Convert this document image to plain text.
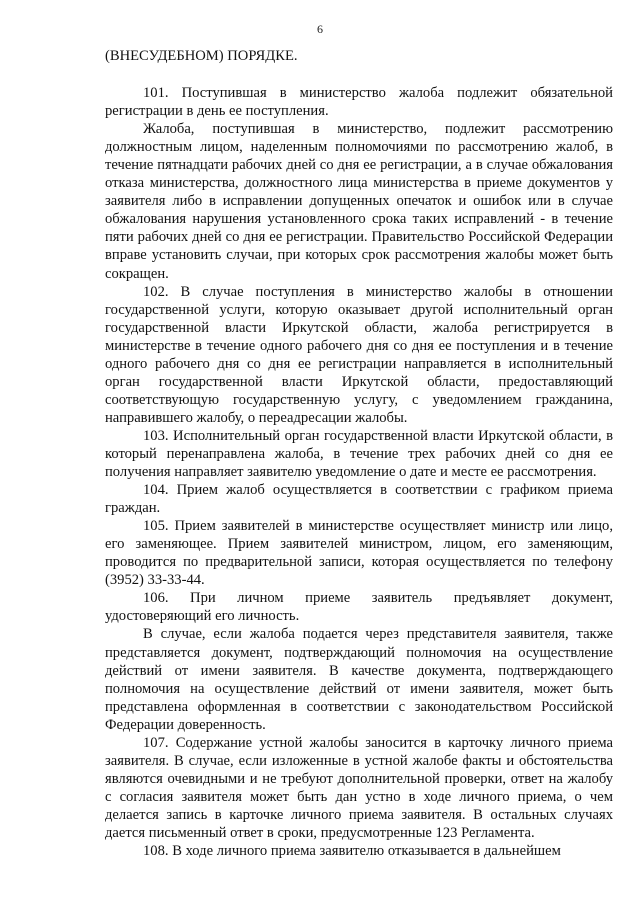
6

(ВНЕСУДЕБНОМ) ПОРЯДКЕ.

101. Поступившая в министерство жалоба подлежит обязательной регистрации в день ее поступления.

Жалоба, поступившая в министерство, подлежит рассмотрению должностным лицом, наделенным полномочиями по рассмотрению жалоб, в течение пятнадцати рабочих дней со дня ее регистрации, а в случае обжалования отказа министерства, должностного лица министерства в приеме документов у заявителя либо в исправлении допущенных опечаток и ошибок или в случае обжалования нарушения установленного срока таких исправлений - в течение пяти рабочих дней со дня ее регистрации. Правительство Российской Федерации вправе установить случаи, при которых срок рассмотрения жалобы может быть сокращен.

102. В случае поступления в министерство жалобы в отношении государственной услуги, которую оказывает другой исполнительный орган государственной власти Иркутской области, жалоба регистрируется в министерстве в течение одного рабочего дня со дня ее поступления и в течение одного рабочего дня со дня ее регистрации направляется в исполнительный орган государственной власти Иркутской области, предоставляющий соответствующую государственную услугу, с уведомлением гражданина, направившего жалобу, о переадресации жалобы.

103. Исполнительный орган государственной власти Иркутской области, в который перенаправлена жалоба, в течение трех рабочих дней со дня ее получения направляет заявителю уведомление о дате и месте ее рассмотрения.

104. Прием жалоб осуществляется в соответствии с графиком приема граждан.

105. Прием заявителей в министерстве осуществляет министр или лицо, его заменяющее. Прием заявителей министром, лицом, его заменяющим, проводится по предварительной записи, которая осуществляется по телефону (3952) 33-33-44.

106. При личном приеме заявитель предъявляет документ, удостоверяющий его личность.

В случае, если жалоба подается через представителя заявителя, также представляется документ, подтверждающий полномочия на осуществление действий от имени заявителя. В качестве документа, подтверждающего полномочия на осуществление действий от имени заявителя, может быть представлена оформленная в соответствии с законодательством Российской Федерации доверенность.

107. Содержание устной жалобы заносится в карточку личного приема заявителя. В случае, если изложенные в устной жалобе факты и обстоятельства являются очевидными и не требуют дополнительной проверки, ответ на жалобу с согласия заявителя может быть дан устно в ходе личного приема, о чем делается запись в карточке личного приема заявителя. В остальных случаях дается письменный ответ в сроки, предусмотренные 123 Регламента.

108. В ходе личного приема заявителю отказывается в дальнейшем
